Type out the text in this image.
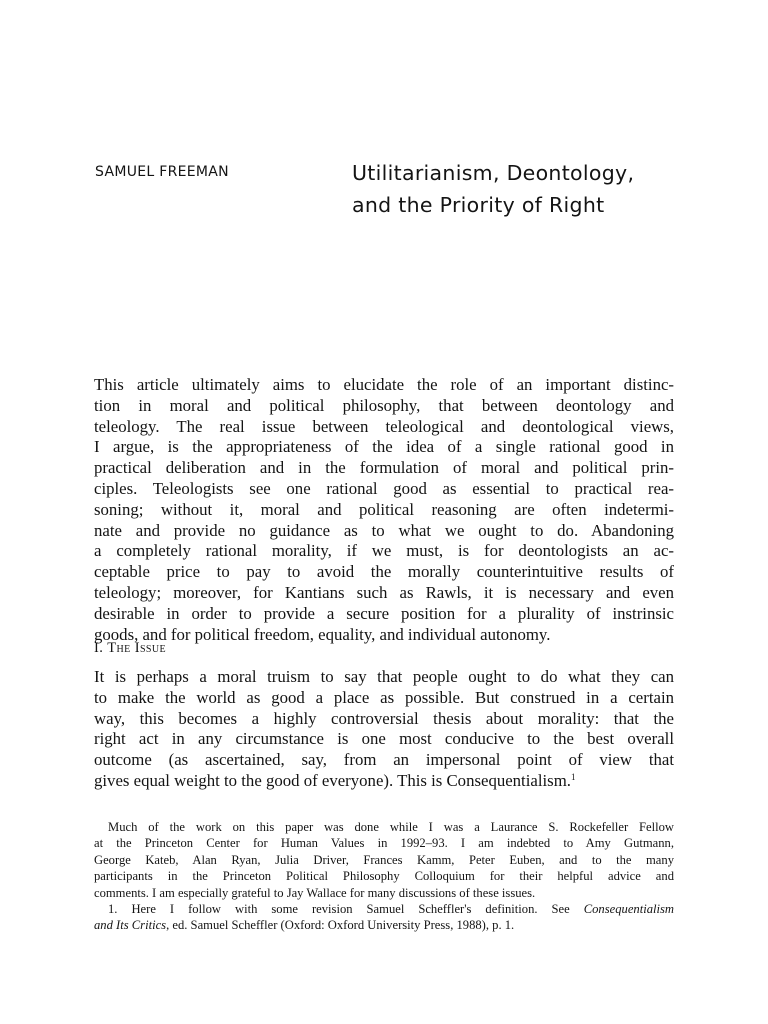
SAMUEL FREEMAN	Utilitarianism, Deontology,
and the Priority of Right
This article ultimately aims to elucidate the role of an important distinc-
tion in moral and political philosophy, that between deontology and
teleology. The real issue between teleological and deontological views,
I argue, is the appropriateness of the idea of a single rational good in
practical deliberation and in the formulation of moral and political prin-
ciples. Teleologists see one rational good as essential to practical rea-
soning; without it, moral and political reasoning are often indetermi-
nate and provide no guidance as to what we ought to do. Abandoning
a completely rational morality, if we must, is for deontologists an ac-
ceptable price to pay to avoid the morally counterintuitive results of
teleology; moreover, for Kantians such as Rawls, it is necessary and even
desirable in order to provide a secure position for a plurality of instrinsic
goods, and for political freedom, equality, and individual autonomy.
I. The Issue
It is perhaps a moral truism to say that people ought to do what they can
to make the world as good a place as possible. But construed in a certain
way, this becomes a highly controversial thesis about morality: that the
right act in any circumstance is one most conducive to the best overall
outcome (as ascertained, say, from an impersonal point of view that
gives equal weight to the good of everyone). This is Consequentialism.$^1$
Much of the work on this paper was done while I was a Laurance S. Rockefeller Fellow
at the Princeton Center for Human Values in 1992–93. I am indebted to Amy Gutmann,
George Kateb, Alan Ryan, Julia Driver, Frances Kamm, Peter Euben, and to the many
participants in the Princeton Political Philosophy Colloquium for their helpful advice and
comments. I am especially grateful to Jay Wallace for many discussions of these issues.
1. Here I follow with some revision Samuel Scheffler's definition. See Consequentialism
and Its Critics, ed. Samuel Scheffler (Oxford: Oxford University Press, 1988), p. 1.
